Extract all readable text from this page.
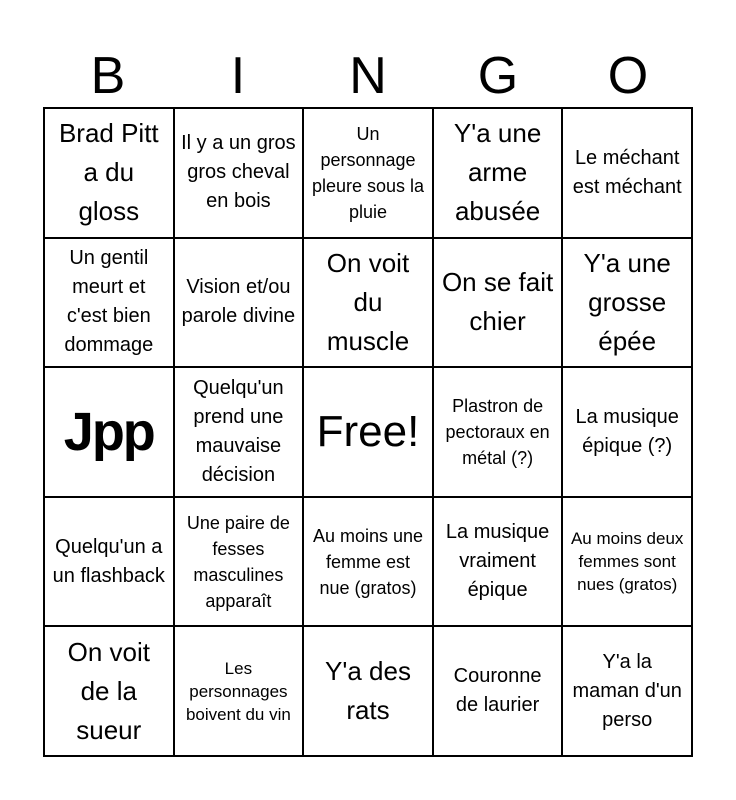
B	I	N	G	O
Brad Pitt a du gloss
Il y a un gros gros cheval en bois
Un personnage pleure sous la pluie
Y'a une arme abusée
Le méchant est méchant
Un gentil meurt et c'est bien dommage
Vision et/ou parole divine
On voit du muscle
On se fait chier
Y'a une grosse épée
Jpp
Quelqu'un prend une mauvaise décision
Free!
Plastron de pectoraux en métal (?)
La musique épique (?)
Quelqu'un a un flashback
Une paire de fesses masculines apparaît
Au moins une femme est nue (gratos)
La musique vraiment épique
Au moins deux femmes sont nues (gratos)
On voit de la sueur
Les personnages boivent du vin
Y'a des rats
Couronne de laurier
Y'a la maman d'un perso
